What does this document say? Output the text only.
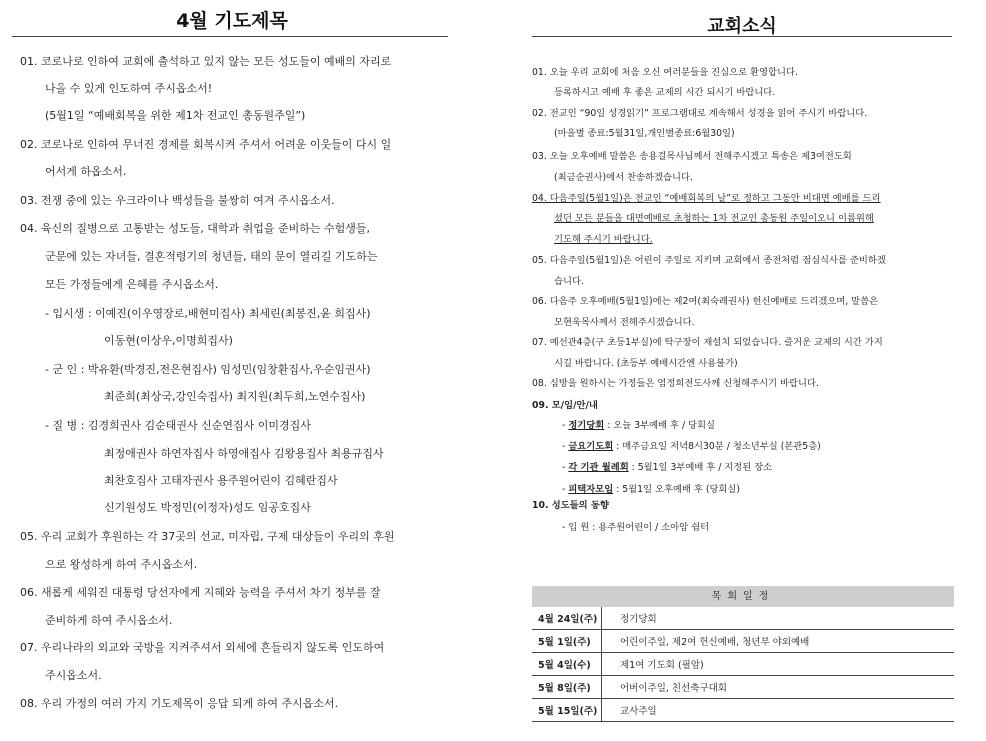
4월 기도제목
01. 코로나로 인하여 교회에 출석하고 있지 않는 모든 성도들이 예배의 자리로
나올 수 있게 인도하여 주시옵소서!
(5월1일 “예배회복을 위한 제1차 전교인 총동원주일”)
02. 코로나로 인하여 무너진 경제를 회복시켜 주셔서 어려운 이웃들이 다시 일
어서게 하옵소서.
03. 전쟁 중에 있는 우크라이나 백성들을 불쌍히 여겨 주시옵소서.
04. 육신의 질병으로 고통받는 성도들, 대학과 취업을 준비하는 수험생들,
군문에 있는 자녀들, 결혼적령기의 청년들, 태의 문이 열리길 기도하는
모든 가정들에게 은혜를 주시옵소서.
- 입시생 : 이예진(이우영장로,배현미집사) 최세린(최봉진,윤 희집사)
이동현(이상우,이명희집사)
- 군 인 : 박유환(박경진,전은현집사) 임성민(임창환집사,우순임권사)
최준희(최상국,강인숙집사) 최지원(최두희,노연수집사)
- 질 병 : 김경희권사 김순태권사 신순연집사 이미경집사
최정애권사 하연자집사 하영애집사 김왕용집사 최용규집사
최찬호집사 고태자권사 용주원어린이 김혜란집사
신기원성도 박정민(이정자)성도 임공호집사
05. 우리 교회가 후원하는 각 37곳의 선교, 미자립, 구제 대상들이 우리의 후원
으로 왕성하게 하여 주시옵소서.
06. 새롭게 세워진 대통령 당선자에게 지혜와 능력을 주셔서 차기 정부를 잘
준비하게 하여 주시옵소서.
07. 우리나라의 외교와 국방을 지켜주셔서 외세에 흔들리지 않도록 인도하여
주시옵소서.
08. 우리 가정의 여러 가지 기도제목이 응답 되게 하여 주시옵소서.
교회소식
01. 오늘 우리 교회에 처음 오신 여러분들을 진심으로 환영합니다.
등록하시고 예배 후 좋은 교제의 시간 되시기 바랍니다.
02. 전교인 “90일 성경읽기” 프로그램대로 계속해서 성경을 읽어 주시기 바랍니다.
(마을별 종료:5월31일,개인별종료:6월30일)
03. 오늘 오후예배 말씀은 송용걸목사님께서 전해주시겠고 특송은 제3여전도회
(최금순권사)에서 찬송하겠습니다.
04. 다음주일(5월1일)은 전교인 “예배회복의 날”로 정하고 그동안 비대면 예배를 드리
셨던 모든 분들을 대면예배로 초청하는 1차 전교인 총동원 주일이오니 이름위해
기도해 주시기 바랍니다.
05. 다음주일(5월1일)은 어린이 주일로 지키며 교회에서 종전처럼 점심식사를 준비하겠
습니다.
06. 다음주 오후예배(5월1일)에는 제2여(최숙례권사) 헌신예배로 드리겠으며, 말씀은
모현욱목사께서 전해주시겠습니다.
07. 예선관4층(구 초등1부실)에 탁구장이 재설치 되었습니다. 즐거운 교제의 시간 가지
시길 바랍니다. (초등부 예배시간엔 사용불가)
08. 심방을 원하시는 가정들은 엄정희전도사께 신청해주시기 바랍니다.
09. 모/임/안/내
10. 성도들의 동향
- 입 원 : 용주원어린이 / 소아암 쉼터
- 정기당회 : 오늘 3부예배 후 / 당회실
- 금요기도회 : 매주금요일 저녁8시30분 / 청소년부실 (본관5층)
- 각 기관 월례회 : 5월1일 3부예배 후 / 지정된 장소
- 피택자모임 : 5월1일 오후예배 후 (당회실)
목회일정
4월 24일(주)	정기당회
5월 1일(주)	어린이주일, 제2여 헌신예배, 청년부 야외예배
5월 4일(수)	제1여 기도회 (필암)
5월 8일(주)	어버이주일, 친선축구대회
5월 15일(주)	교사주일
